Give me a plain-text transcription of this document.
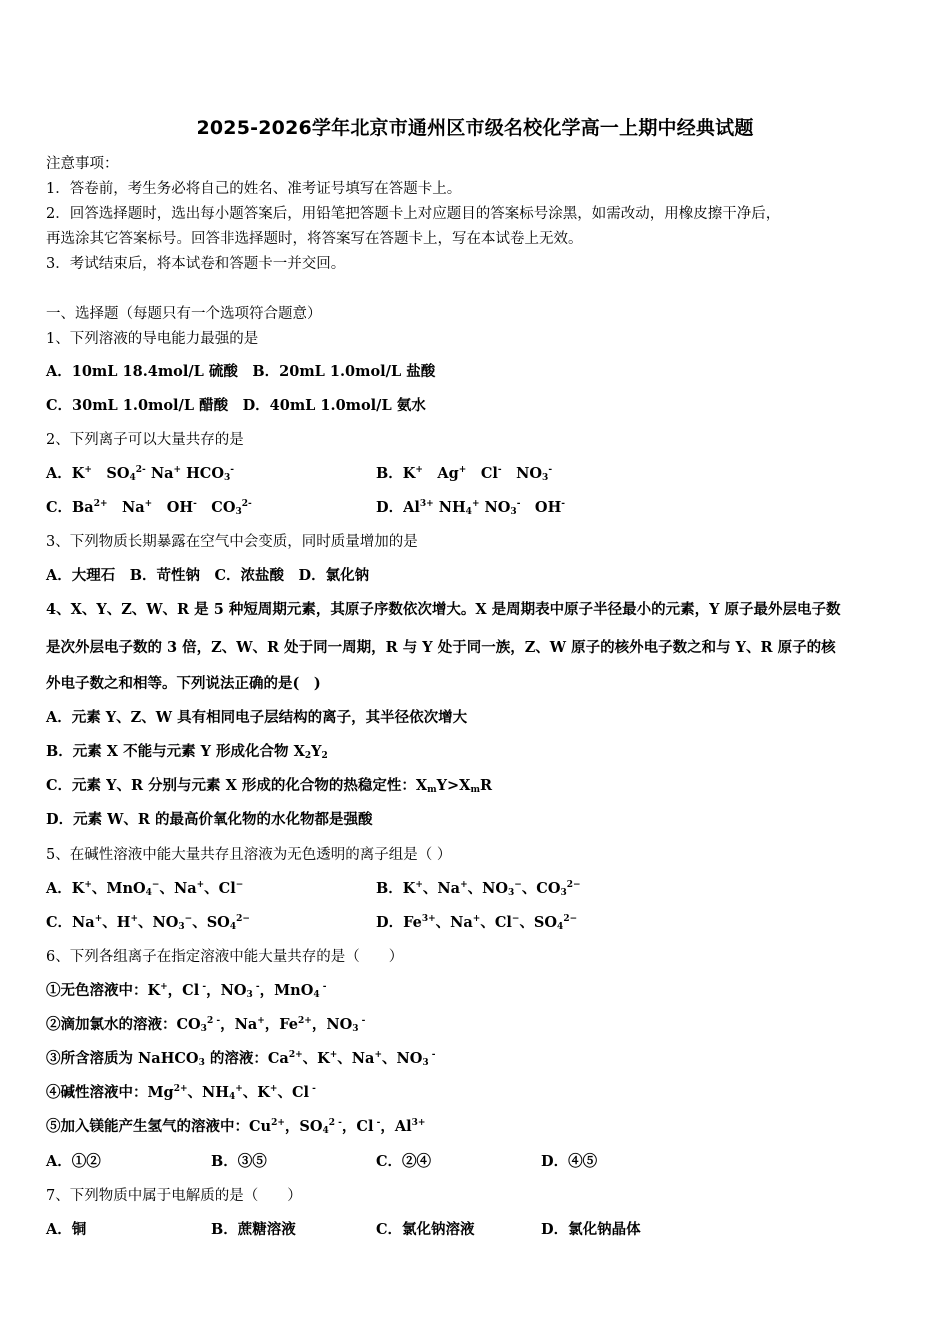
2025-2026学年北京市通州区市级名校化学高一上期中经典试题
注意事项：
1．答卷前，考生务必将自己的姓名、准考证号填写在答题卡上。
2．回答选择题时，选出每小题答案后，用铅笔把答题卡上对应题目的答案标号涂黑，如需改动，用橡皮擦干净后，
再选涂其它答案标号。回答非选择题时，将答案写在答题卡上，写在本试卷上无效。
3．考试结束后，将本试卷和答题卡一并交回。
一、选择题（每题只有一个选项符合题意）
1、下列溶液的导电能力最强的是
A．10mL 18.4mol/L 硫酸　B．20mL 1.0mol/L 盐酸
C．30mL 1.0mol/L 醋酸　D．40mL 1.0mol/L 氨水
2、下列离子可以大量共存的是
A．K+　$SO_4^{2-}$ Na+ $HCO_3^-$	B．K+　Ag+　Cl-　$NO_3^-$
C．$Ba^{2+}$　Na+　OH-　$CO_3^{2-}$	D．$Al^{3+}$ $NH_4^+$ $NO_3^-$　OH-
3、下列物质长期暴露在空气中会变质，同时质量增加的是
A．大理石　B．苛性钠　C．浓盐酸　D．氯化钠
4、X、Y、Z、W、R 是 5 种短周期元素，其原子序数依次增大。X 是周期表中原子半径最小的元素，Y 原子最外层电子数
是次外层电子数的 3 倍，Z、W、R 处于同一周期，R 与 Y 处于同一族，Z、W 原子的核外电子数之和与 Y、R 原子的核
外电子数之和相等。下列说法正确的是(　)
A．元素 Y、Z、W 具有相同电子层结构的离子，其半径依次增大
B．元素 X 不能与元素 Y 形成化合物 $X_2Y_2$
C．元素 Y、R 分别与元素 X 形成的化合物的热稳定性：$X_mY>X_mR$
D．元素 W、R 的最高价氧化物的水化物都是强酸
5、在碱性溶液中能大量共存且溶液为无色透明的离子组是（ ）
A．K+、MnO$_4$−、Na+、Cl−	B．K+、Na+、$NO_3^-$、$CO_3^{2-}$
C．Na+、H+、$NO_3^-$、$SO_4^{2-}$	D．$Fe^{3+}$、Na+、Cl−、$SO_4^{2-}$
6、下列各组离子在指定溶液中能大量共存的是（　　）
①无色溶液中：K+，Cl -，$NO_3$ -，MnO$_4$ -
②滴加氯水的溶液：$CO_3^{2 -}$，Na+，$Fe^{2+}$，$NO_3$ -
③所含溶质为 NaHCO$_3$ 的溶液：$Ca^{2+}$、K+、Na+、$NO_3$ -
④碱性溶液中：$Mg^{2+}$、$NH_4^+$、K+、Cl -
⑤加入镁能产生氢气的溶液中：$Cu^{2+}$，$SO_4^{2 -}$，Cl -，$Al^{3+}$
A．①②	B．③⑤	C．②④	D．④⑤
7、下列物质中属于电解质的是（　　）
A．铜	B．蔗糖溶液	C．氯化钠溶液	D．氯化钠晶体
